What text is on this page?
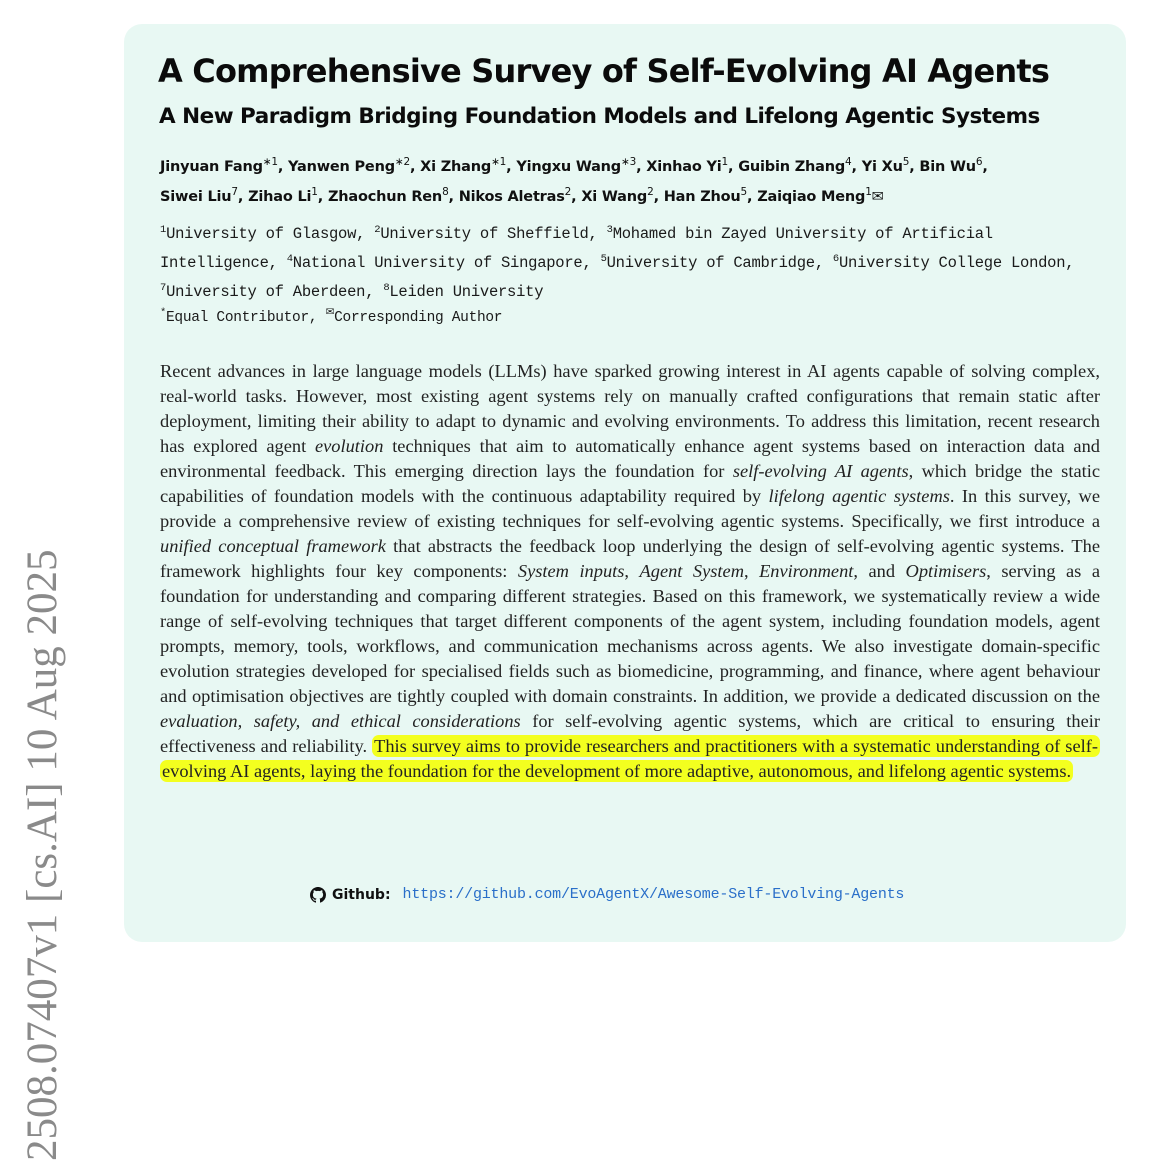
2508.07407v1 [cs.AI] 10 Aug 2025
A Comprehensive Survey of Self-Evolving AI Agents
A New Paradigm Bridging Foundation Models and Lifelong Agentic Systems
Jinyuan Fang$^{∗1}$, Yanwen Peng$^{∗2}$, Xi Zhang$^{∗1}$, Yingxu Wang$^{∗3}$, Xinhao Yi$^1$, Guibin Zhang$^4$, Yi Xu$^5$, Bin Wu$^6$,
Siwei Liu$^7$, Zihao Li$^1$, Zhaochun Ren$^8$, Nikos Aletras$^2$, Xi Wang$^2$, Han Zhou$^5$, Zaiqiao Meng$^1$✉
$^1$University of Glasgow, $^2$University of Sheffield, $^3$Mohamed bin Zayed University of Artificial Intelligence, $^4$National University of Singapore, $^5$University of Cambridge, $^6$University College London, $^7$University of Aberdeen, $^8$Leiden University
*Equal Contributor, ✉Corresponding Author
Recent advances in large language models (LLMs) have sparked growing interest in AI agents capable of solving complex, real-world tasks. However, most existing agent systems rely on manually crafted configurations that remain static after deployment, limiting their ability to adapt to dynamic and evolving environments. To address this limitation, recent research has explored agent evolution techniques that aim to automatically enhance agent systems based on interaction data and environmental feedback. This emerging direction lays the foundation for self-evolving AI agents, which bridge the static capabilities of foundation models with the continuous adaptability required by lifelong agentic systems. In this survey, we provide a comprehensive review of existing techniques for self-evolving agentic systems. Specifically, we first introduce a unified conceptual framework that abstracts the feedback loop underlying the design of self-evolving agentic systems. The framework highlights four key components: System inputs, Agent System, Environment, and Optimisers, serving as a foundation for understanding and comparing different strategies. Based on this framework, we systematically review a wide range of self-evolving techniques that target different components of the agent system, including foundation models, agent prompts, memory, tools, workflows, and communication mechanisms across agents. We also investigate domain-specific evolution strategies developed for specialised fields such as biomedicine, programming, and finance, where agent behaviour and optimisation objectives are tightly coupled with domain constraints. In addition, we provide a dedicated discussion on the evaluation, safety, and ethical considerations for self-evolving agentic systems, which are critical to ensuring their effectiveness and reliability. This survey aims to provide researchers and practitioners with a systematic understanding of self-evolving AI agents, laying the foundation for the development of more adaptive, autonomous, and lifelong agentic systems.
Github: https://github.com/EvoAgentX/Awesome-Self-Evolving-Agents
